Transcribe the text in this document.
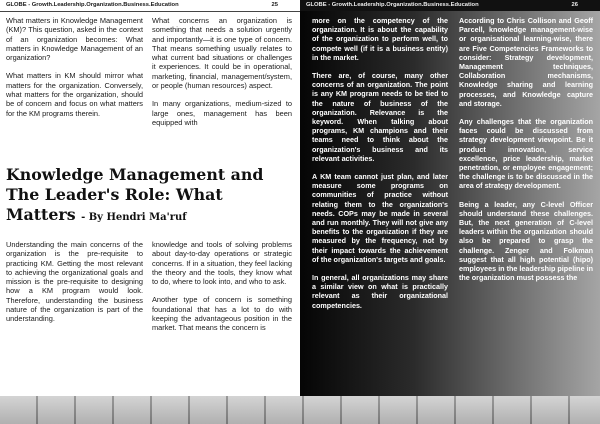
GLOBE - Growth.Leadership.Organization.Business.Education	25

What matters in Knowledge Management (KM)? This question, asked in the context of an organization becomes: What matters in Knowledge Management of an organization?

What matters in KM should mirror what matters for the organization. Conversely, what matters for the organization, should be of concern and focus on what matters for the KM programs therein.

What concerns an organization is something that needs a solution urgently and importantly—it is one type of concern. That means something usually relates to what current bad situations or challenges it experiences. It could be in operational, marketing, financial, management/system, or people (human resources) aspect.

In many organizations, medium-sized to large ones, management has been equipped with

Knowledge Management and The Leader's Role: What Matters - By Hendri Ma'ruf

Understanding the main concerns of the organization is the pre-requisite to practicing KM. Getting the most relevant to achieving the organizational goals and mission is the pre-requisite to designing how a KM program would look. Therefore, understanding the business nature of the organization is part of the understanding.

knowledge and tools of solving problems about day-to-day operations or strategic concerns. If in a situation, they feel lacking the theory and the tools, they know what to do, where to look into, and who to ask.

Another type of concern is something foundational that has a lot to do with keeping the advantageous position in the market. That means the concern is

GLOBE - Growth.Leadership.Organization.Business.Education	26

more on the competency of the organization. It is about the capability of the organization to perform well, to compete well (if it is a business entity) in the market.

There are, of course, many other concerns of an organization. The point is any KM program needs to be tied to the nature of business of the organization. Relevance is the keyword. When talking about programs, KM champions and their teams need to think about the organization's business and its relevant activities.

A KM team cannot just plan, and later measure some programs on communities of practice without relating them to the organization's needs. COPs may be made in several and run monthly. They will not give any benefits to the organization if they are measured by the frequency, not by their impact towards the achievement of the organization's targets and goals.

In general, all organizations may share a similar view on what is practically relevant as their organizational competencies.

According to Chris Collison and Geoff Parcell, knowledge management-wise or organisational learning-wise, there are Five Competencies Frameworks to consider: Strategy development, Management techniques, Collaboration mechanisms, Knowledge sharing and learning processes, and Knowledge capture and storage.

Any challenges that the organization faces could be discussed from strategy development viewpoint. Be it product innovation, service excellence, price leadership, market penetration, or employee engagement; the challenge is to be discussed in the area of strategy development.

Being a leader, any C-level Officer should understand these challenges. But, the next generation of C-level leaders within the organization should also be prepared to grasp the challenge. Zenger and Folkman suggest that all high potential (hipo) employees in the leadership pipeline in the organization must possess the
